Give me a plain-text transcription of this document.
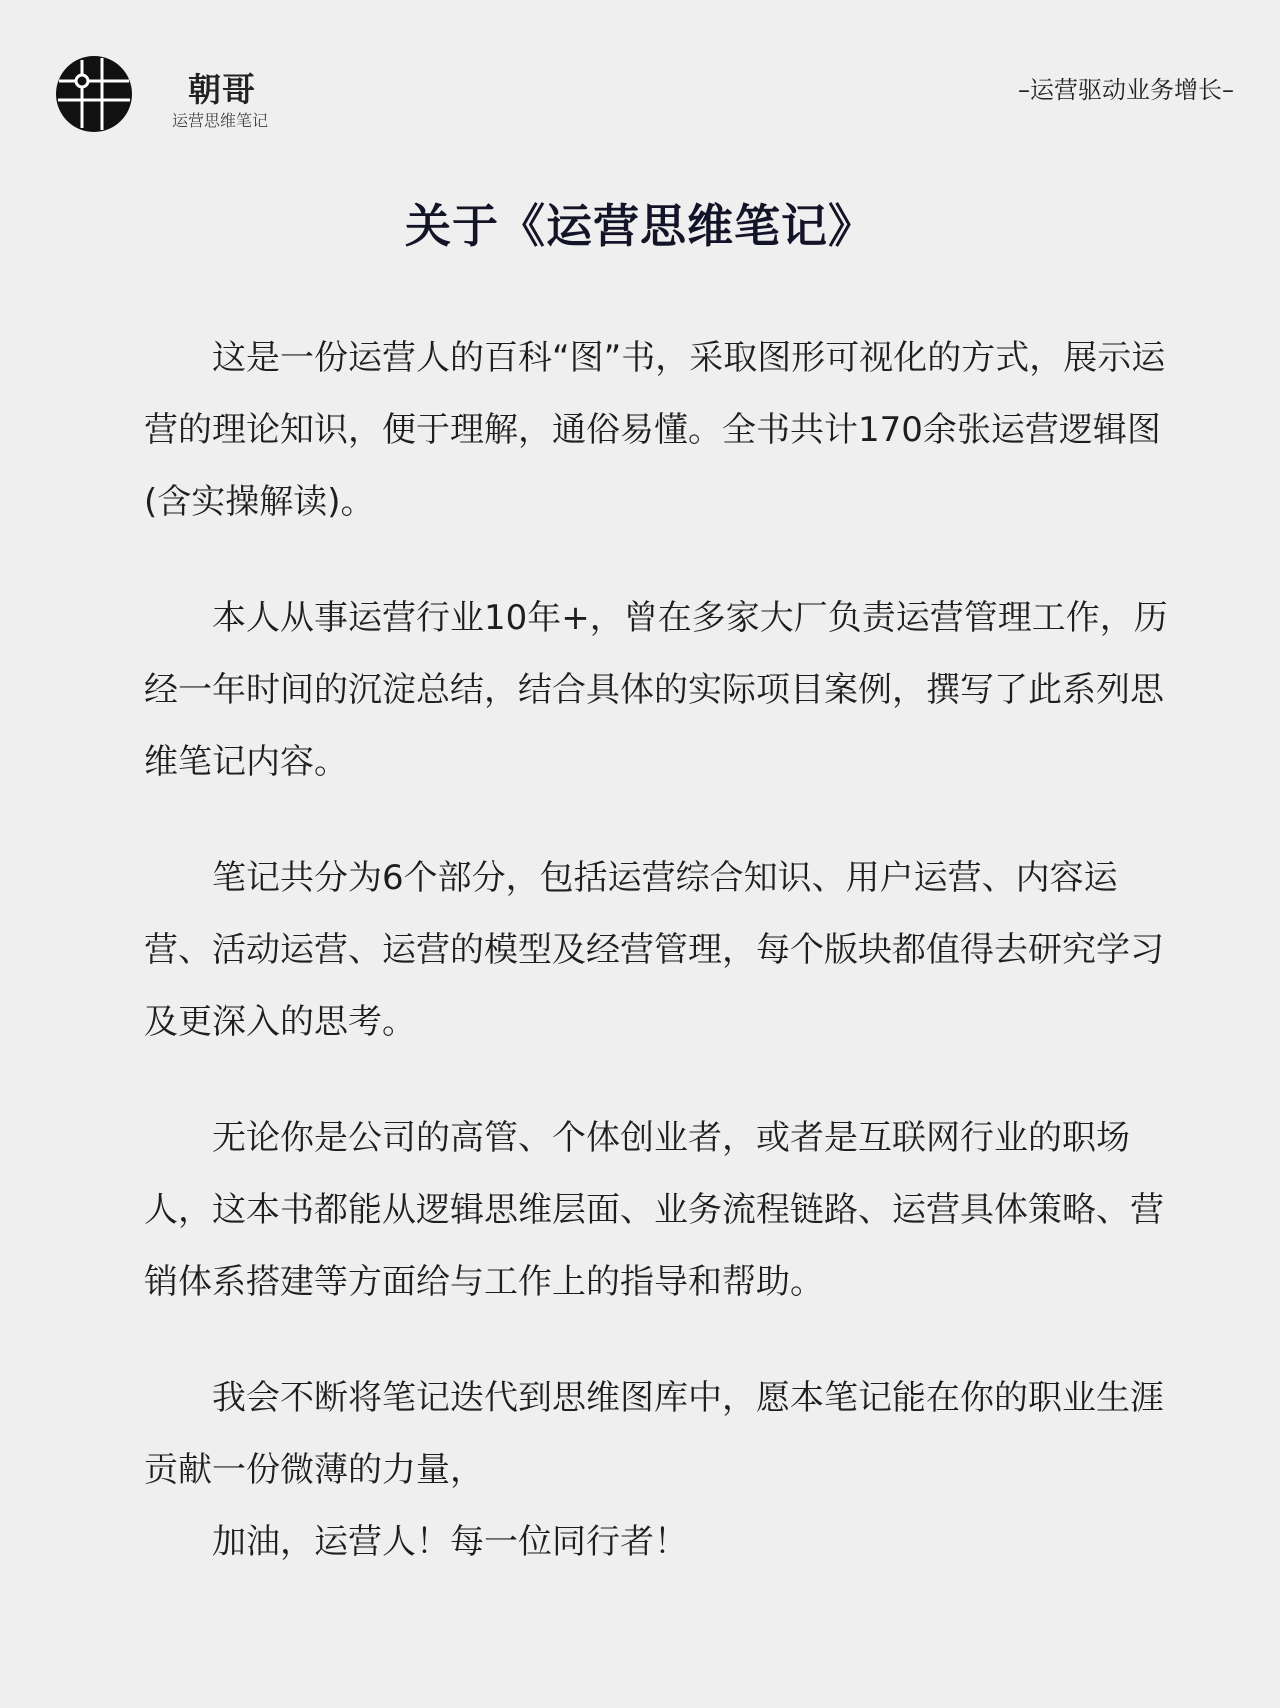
朝哥
运营思维笔记
–运营驱动业务增长–
关于《运营思维笔记》

这是一份运营人的百科“图”书，采取图形可视化的方式，展示运营的理论知识，便于理解，通俗易懂。全书共计170余张运营逻辑图(含实操解读)。

本人从事运营行业10年+，曾在多家大厂负责运营管理工作，历经一年时间的沉淀总结，结合具体的实际项目案例，撰写了此系列思维笔记内容。

笔记共分为6个部分，包括运营综合知识、用户运营、内容运营、活动运营、运营的模型及经营管理，每个版块都值得去研究学习及更深入的思考。

无论你是公司的高管、个体创业者，或者是互联网行业的职场人，这本书都能从逻辑思维层面、业务流程链路、运营具体策略、营销体系搭建等方面给与工作上的指导和帮助。

我会不断将笔记迭代到思维图库中，愿本笔记能在你的职业生涯贡献一份微薄的力量，

加油，运营人！每一位同行者！
